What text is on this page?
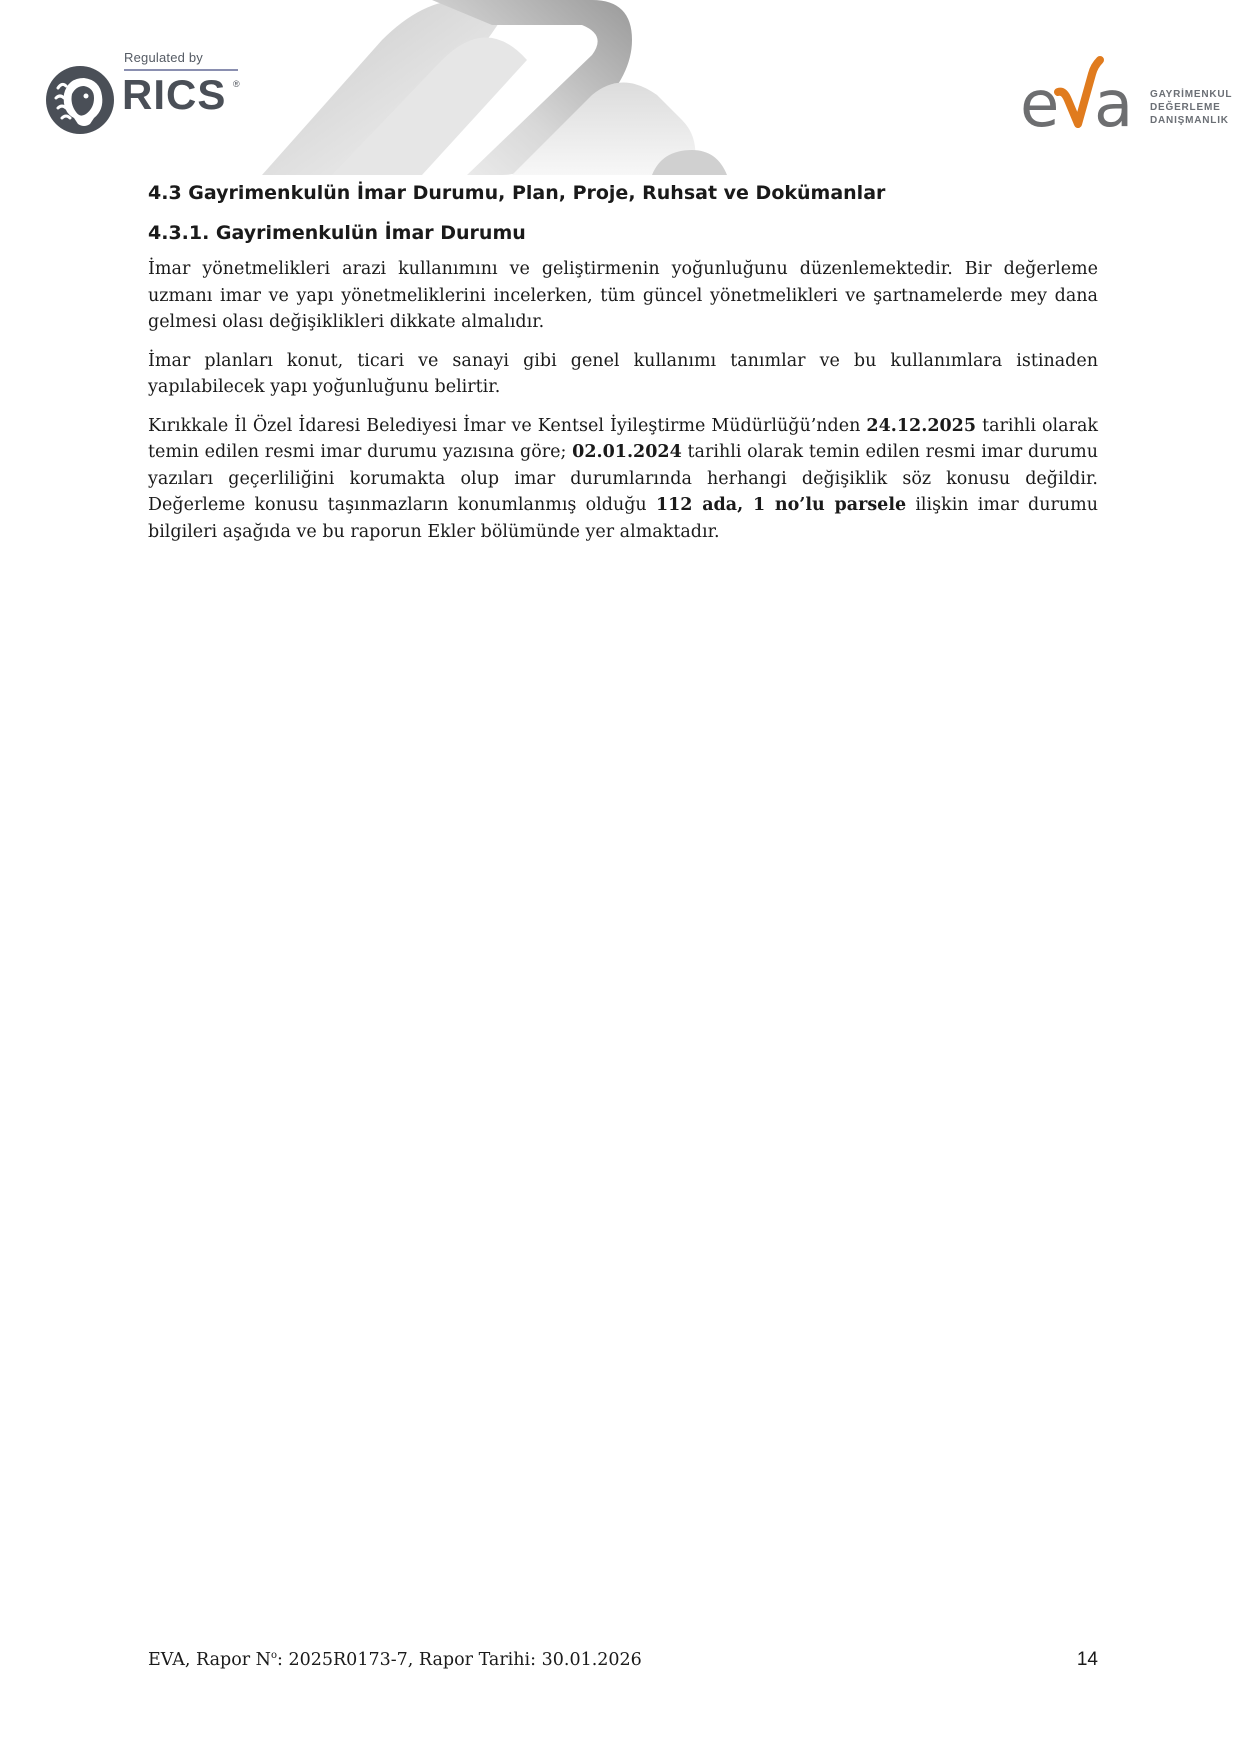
Regulated by
RICS ®	e a GAYRİMENKUL
DEĞERLEME
DANIŞMANLIK
4.3 Gayrimenkulün İmar Durumu, Plan, Proje, Ruhsat ve Dokümanlar
4.3.1. Gayrimenkulün İmar Durumu

İmar yönetmelikleri arazi kullanımını ve geliştirmenin yoğunluğunu düzenlemektedir. Bir değerleme uzmanı imar ve yapı yönetmeliklerini incelerken, tüm güncel yönetmelikleri ve şartnamelerde mey dana gelmesi olası değişiklikleri dikkate almalıdır.

İmar planları konut, ticari ve sanayi gibi genel kullanımı tanımlar ve bu kullanımlara istinaden yapılabilecek yapı yoğunluğunu belirtir.

Kırıkkale İl Özel İdaresi Belediyesi İmar ve Kentsel İyileştirme Müdürlüğü’nden 24.12.2025 tarihli olarak temin edilen resmi imar durumu yazısına göre; 02.01.2024 tarihli olarak temin edilen resmi imar durumu yazıları geçerliliğini korumakta olup imar durumlarında herhangi değişiklik söz konusu değildir. Değerleme konusu taşınmazların konumlanmış olduğu 112 ada, 1 no’lu parsele ilişkin imar durumu bilgileri aşağıda ve bu raporun Ekler bölümünde yer almaktadır.

EVA, Rapor $N^o$: 2025R0173-7, Rapor Tarihi: 30.01.2026	14
